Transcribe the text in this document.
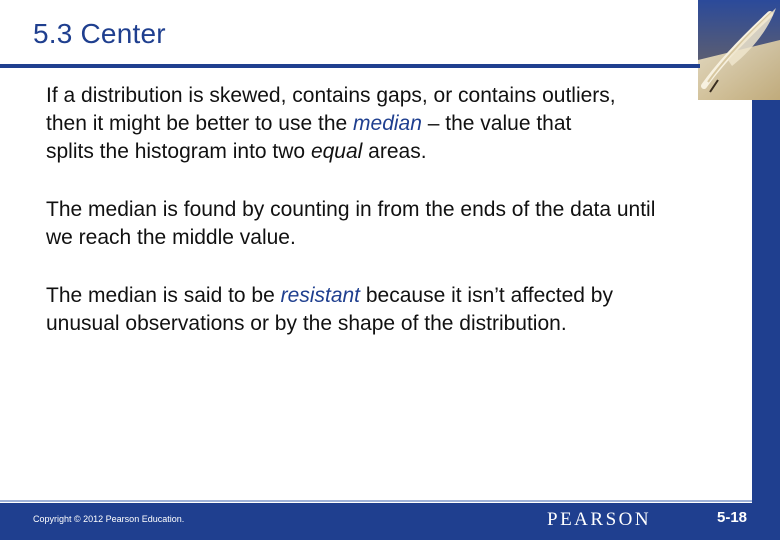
5.3 Center
If a distribution is skewed, contains gaps, or contains outliers,
then it might be better to use the median – the value that
splits the histogram into two equal areas.
The median is found by counting in from the ends of the data until
we reach the middle value.
The median is said to be resistant because it isn’t affected by
unusual observations or by the shape of the distribution.
Copyright © 2012 Pearson Education.	PEARSON	5-18
